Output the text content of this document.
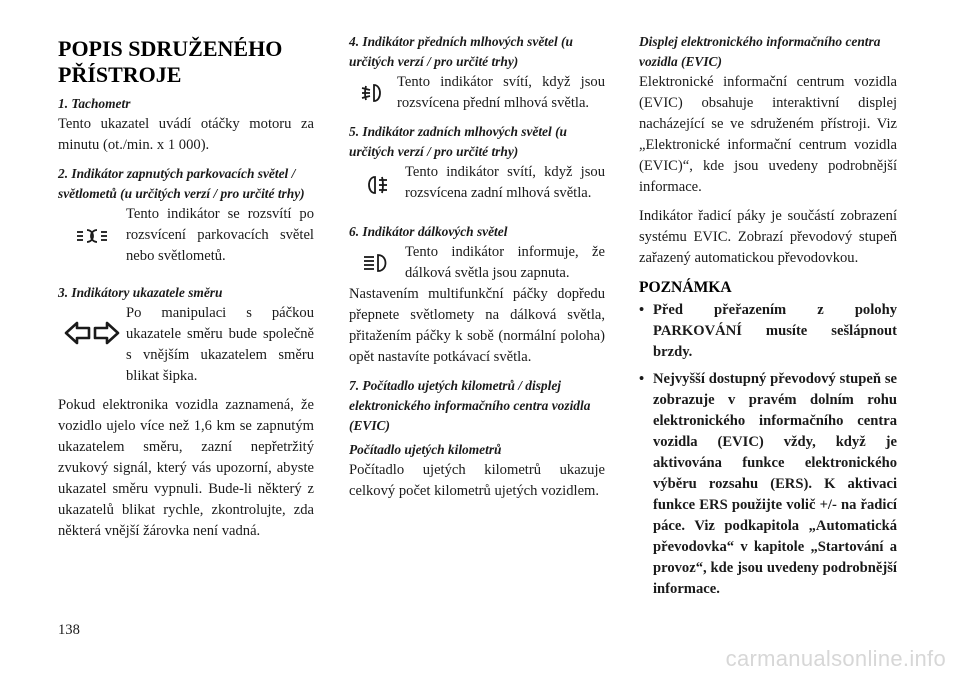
POPIS SDRUŽENÉHO PŘÍSTROJE
1. Tachometr

Tento ukazatel uvádí otáčky motoru za minutu (ot./min. x 1 000).

2. Indikátor zapnutých parkovacích světel / světlometů (u určitých verzí / pro určité trhy)

Tento indikátor se rozsvítí po rozsvícení parkovacích světel nebo světlometů.

3. Indikátory ukazatele směru

Po manipulaci s páčkou ukazatele směru bude společně s vnějším ukazatelem směru blikat šipka.

Pokud elektronika vozidla zaznamená, že vozidlo ujelo více než 1,6 km se zapnutým ukazatelem směru, zazní nepřetržitý zvukový signál, který vás upozorní, abyste ukazatel směru vypnuli. Bude-li některý z ukazatelů blikat rychle, zkontrolujte, zda některá vnější žárovka není vadná.

4. Indikátor předních mlhových světel (u určitých verzí / pro určité trhy)

Tento indikátor svítí, když jsou rozsvícena přední mlhová světla.

5. Indikátor zadních mlhových světel (u určitých verzí / pro určité trhy)

Tento indikátor svítí, když jsou rozsvícena zadní mlhová světla.

6. Indikátor dálkových světel

Tento indikátor informuje, že dálková světla jsou zapnuta.

Nastavením multifunkční páčky dopředu přepnete světlomety na dálková světla, přitažením páčky k sobě (normální poloha) opět nastavíte potkávací světla.

7. Počítadlo ujetých kilometrů / displej elektronického informačního centra vozidla (EVIC)
Počítadlo ujetých kilometrů

Počítadlo ujetých kilometrů ukazuje celkový počet kilometrů ujetých vozidlem.

Displej elektronického informačního centra vozidla (EVIC)

Elektronické informační centrum vozidla (EVIC) obsahuje interaktivní displej nacházející se ve sdruženém přístroji. Viz „Elektronické informační centrum vozidla (EVIC)“, kde jsou uvedeny podrobnější informace.

Indikátor řadicí páky je součástí zobrazení systému EVIC. Zobrazí převodový stupeň zařazený automatickou převodovkou.

POZNÁMKA
• Před přeřazením z polohy PARKOVÁNÍ musíte sešlápnout brzdy.
• Nejvyšší dostupný převodový stupeň se zobrazuje v pravém dolním rohu elektronického informačního centra vozidla (EVIC) vždy, když je aktivována funkce elektronického výběru rozsahu (ERS). K aktivaci funkce ERS použijte volič +/- na řadicí páce. Viz podkapitola „Automatická převodovka“ v kapitole „Startování a provoz“, kde jsou uvedeny podrobnější informace.
138
carmanualsonline.info
